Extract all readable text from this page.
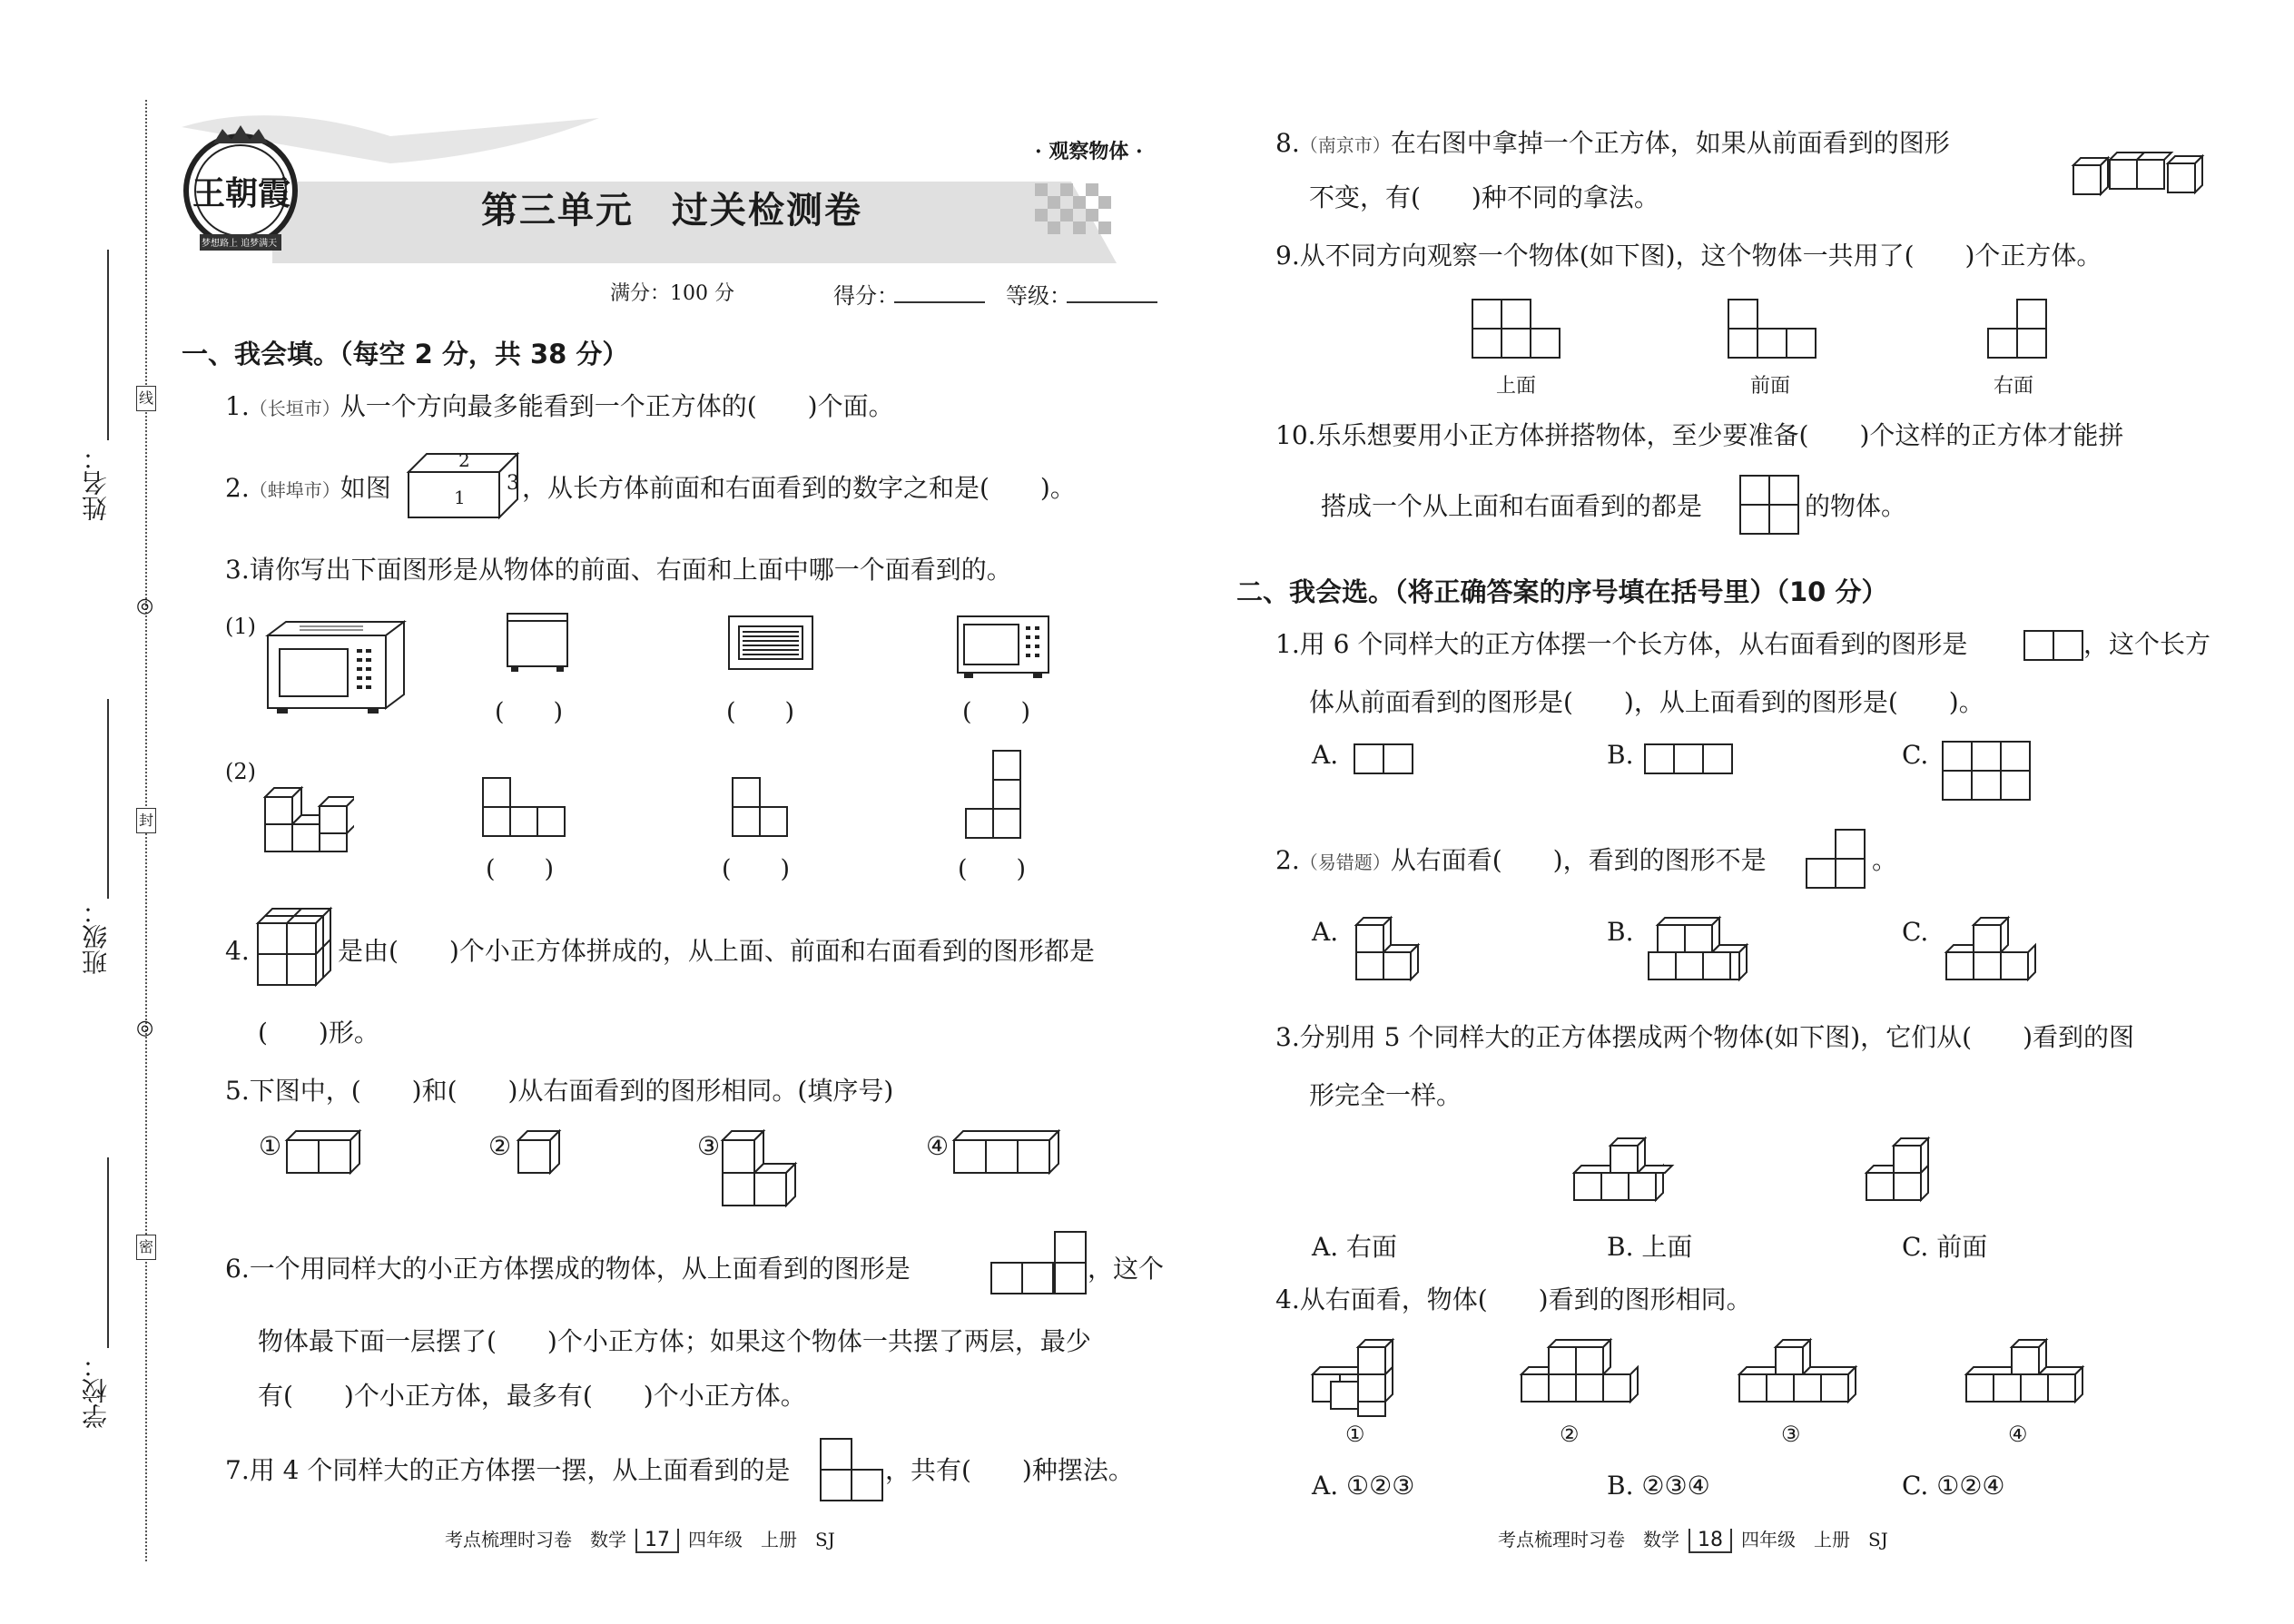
姓名：
班级：
学校：
线
封
密
◎
◎
王朝霞
梦想路上 追梦满天
· 观察物体 ·
第三单元　过关检测卷
满分：100 分	得分：	等级：
一、我会填。（每空 2 分，共 38 分）
1.（长垣市）从一个方向最多能看到一个正方体的(　　)个面。
2.（蚌埠市）如图
2
1
3 ，从长方体前面和右面看到的数字之和是(　　)。
3.请你写出下面图形是从物体的前面、右面和上面中哪一个面看到的。
(1)
(　　)	(　　)	(　　)
(2)
(　　)	(　　)	(　　)
4.	是由(　　)个小正方体拼成的，从上面、前面和右面看到的图形都是
(　　)形。
5.下图中，(　　)和(　　)从右面看到的图形相同。(填序号)
①	②	③	④
6.一个用同样大的小正方体摆成的物体，从上面看到的图形是	，这个
物体最下面一层摆了(　　)个小正方体；如果这个物体一共摆了两层，最少
有(　　)个小正方体，最多有(　　)个小正方体。
7.用 4 个同样大的正方体摆一摆，从上面看到的是	，共有(　　)种摆法。
8.（南京市）在右图中拿掉一个正方体，如果从前面看到的图形
不变，有(　　)种不同的拿法。
9.从不同方向观察一个物体(如下图)，这个物体一共用了(　　)个正方体。
上面	前面	右面
10.乐乐想要用小正方体拼搭物体，至少要准备(　　)个这样的正方体才能拼
搭成一个从上面和右面看到的都是	的物体。
二、我会选。（将正确答案的序号填在括号里）（10 分）
1.用 6 个同样大的正方体摆一个长方体，从右面看到的图形是	，这个长方
体从前面看到的图形是(　　)，从上面看到的图形是(　　)。
A.	B.	C.
2.（易错题）从右面看(　　)，看到的图形不是	。
A.	B.	C.
3.分别用 5 个同样大的正方体摆成两个物体(如下图)，它们从(　　)看到的图
形完全一样。
A. 右面	B. 上面	C. 前面
4.从右面看，物体(　　)看到的图形相同。
①	②	③	④
A. ①②③	B. ②③④	C. ①②④
考点梳理时习卷　数学 17 四年级　上册　SJ	考点梳理时习卷　数学 18 四年级　上册　SJ
